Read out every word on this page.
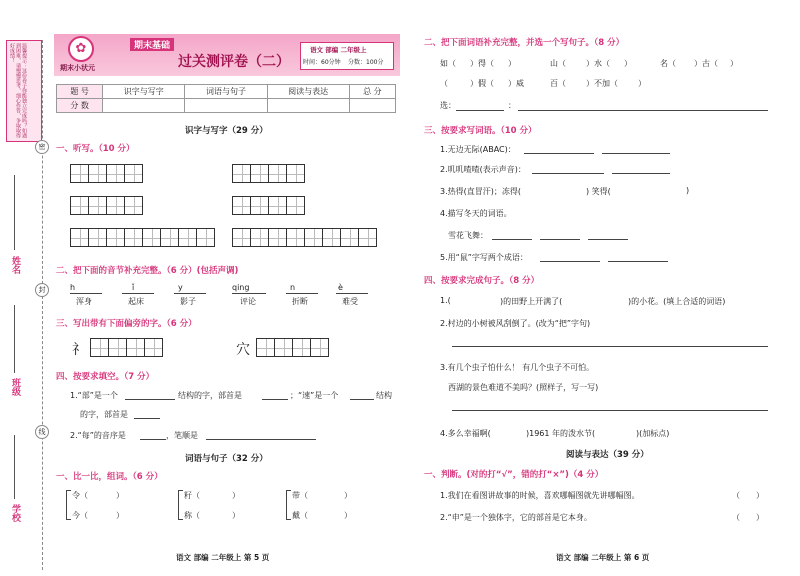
温馨提示：这份卷子你能独立完成吗？如遇到困难，请慢慢思考，细心作答，争取取得好成绩！
密
封
线
姓名
班级
学校
✿
期末小状元
期末基础
过关测评卷（二）
语文 部编 二年级上
时间：60分钟 分数：100分
题 号	识字与写字	词语与句子	阅读与表达	总 分
分 数				
识字与写字（29 分）
一、听写。（10 分）
二、把下面的音节补充完整。（6 分）(包括声调)
h	ǐ	y	qing	n	è
浑身	起床	影子	评论	折断	难受
三、写出带有下面偏旁的字。（6 分）
礻	穴
四、按要求填空。（7 分）
1.“部”是一个	结构的字，部首是	；“速”是一个	结构
的字，部首是
2.“每”的音序是	，笔顺是
词语与句子（32 分）
一、比一比，组词。（6 分）
令（	）
今（	）
籽（	）
称（	）
带（	）
戴（	）
语文 部编 二年级上 第 5 页
二、把下面词语补充完整，并选一个写句子。（8 分）
如（ ）得（ ）	山（	）水（ ）	名（ ）古（ ）
（	）假（ ）威	百（	）不加（	）
选：	：
三、按要求写词语。（10 分）
1.无边无际(ABAC)：
2.叽叽喳喳(表示声音)：
3.热得(直冒汗)；冻得(	) 笑得(	)
4.描写冬天的词语。
雪花飞舞：
5.用“鼠”字写两个成语：
四、按要求完成句子。（8 分）
1.(	)的田野上开满了(	)的小花。(填上合适的词语)
2.村边的小树被风刮倒了。(改为“把”字句)
3.有几个虫子怕什么！ 有几个虫子不可怕。
西湖的景色难道不美吗？(照样子，写一写)
4.多么幸福啊(	)1961 年的泼水节(	)(加标点)
阅读与表达（39 分）
一、判断。(对的打“√”，错的打“×”)（4 分）
1.我们在看图讲故事的时候，喜欢哪幅图就先讲哪幅图。	（　　）
2.“申”是一个独体字，它的部首是它本身。	（　　）
语文 部编 二年级上 第 6 页
